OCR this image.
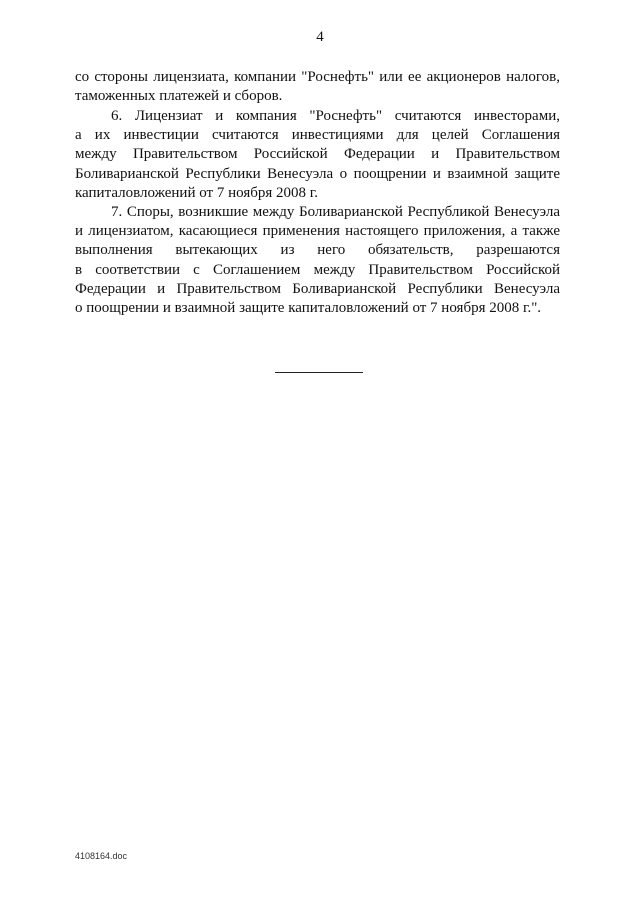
4
со стороны лицензиата, компании "Роснефть" или ее акционеров налогов,
таможенных платежей и сборов.
6. Лицензиат и компания "Роснефть" считаются инвесторами,
а их инвестиции считаются инвестициями для целей Соглашения
между Правительством Российской Федерации и Правительством
Боливарианской Республики Венесуэла о поощрении и взаимной защите
капиталовложений от 7 ноября 2008 г.
7. Споры, возникшие между Боливарианской Республикой Венесуэла
и лицензиатом, касающиеся применения настоящего приложения, а также
выполнения вытекающих из него обязательств, разрешаются
в соответствии с Соглашением между Правительством Российской
Федерации и Правительством Боливарианской Республики Венесуэла
о поощрении и взаимной защите капиталовложений от 7 ноября 2008 г.".
4108164.doc
